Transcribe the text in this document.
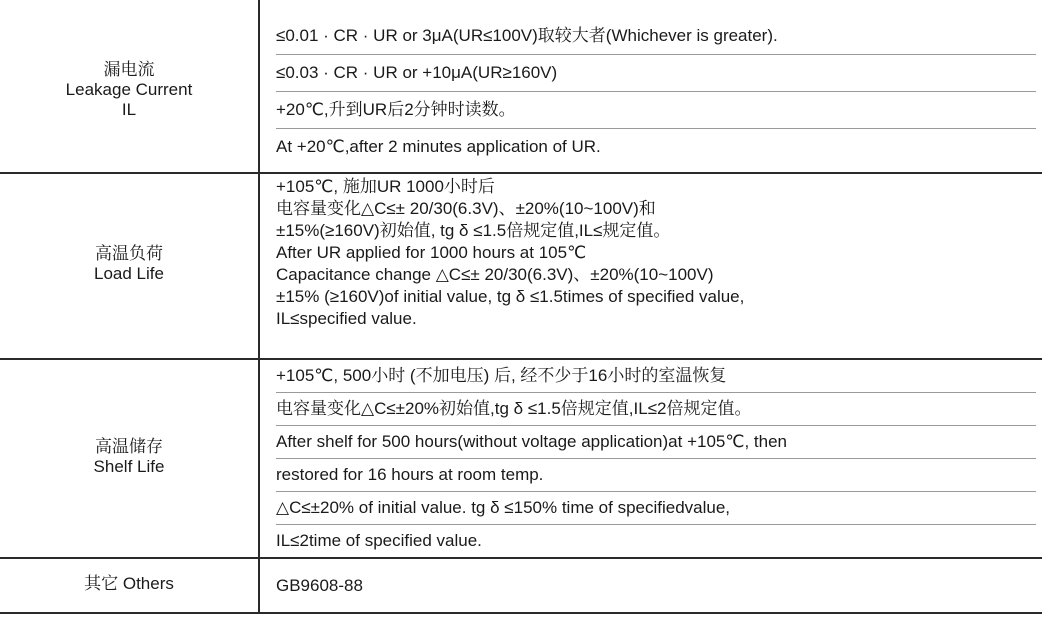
漏电流
Leakage Current
IL
≤0.01 · CR · UR or 3μA(UR≤100V)取较大者(Whichever is greater).
≤0.03 · CR · UR or +10μA(UR≥160V)
+20℃,升到UR后2分钟时读数。
At +20℃,after 2 minutes application of UR.
高温负荷
Load Life
+105℃, 施加UR 1000小时后
电容量变化△C≤± 20/30(6.3V)、±20%(10~100V)和
±15%(≥160V)初始值, tg δ ≤1.5倍规定值,IL≤规定值。
After UR applied for 1000 hours at 105℃
Capacitance change △C≤± 20/30(6.3V)、±20%(10~100V)
±15% (≥160V)of initial value, tg δ ≤1.5times of specified value,
IL≤specified value.
高温储存
Shelf Life
+105℃, 500小时 (不加电压) 后, 经不少于16小时的室温恢复
电容量变化△C≤±20%初始值,tg δ ≤1.5倍规定值,IL≤2倍规定值。
After shelf for 500 hours(without voltage application)at +105℃, then
restored for 16 hours at room temp.
△C≤±20% of initial value. tg δ ≤150% time of specifiedvalue,
IL≤2time of specified value.
其它 Others	GB9608-88
